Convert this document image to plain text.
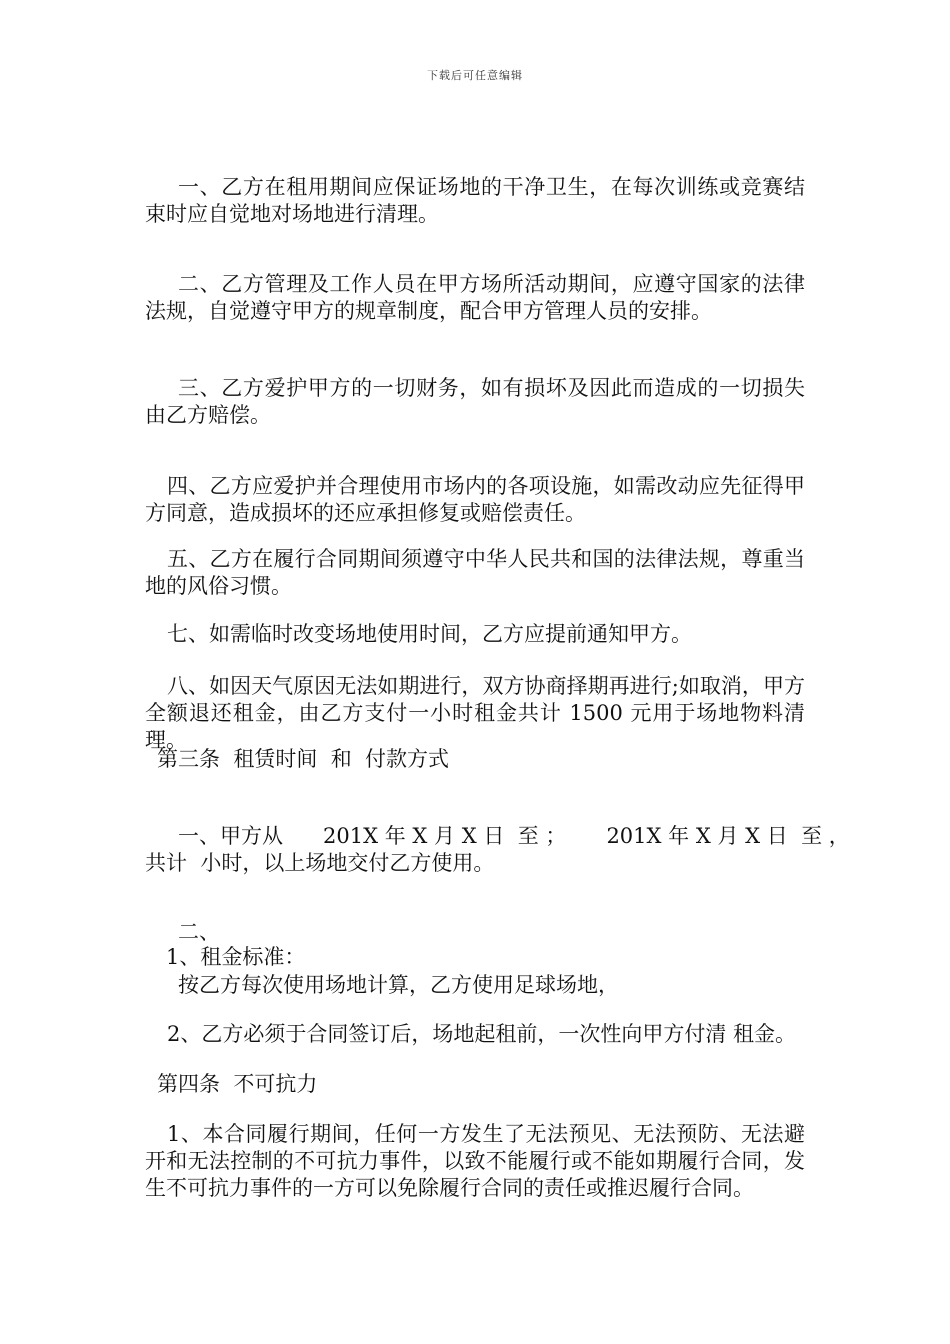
下载后可任意编辑

一、乙方在租用期间应保证场地的干净卫生，在每次训练或竞赛结束时应自觉地对场地进行清理。

二、乙方管理及工作人员在甲方场所活动期间，应遵守国家的法律法规，自觉遵守甲方的规章制度，配合甲方管理人员的安排。

三、乙方爱护甲方的一切财务，如有损坏及因此而造成的一切损失由乙方赔偿。

四、乙方应爱护并合理使用市场内的各项设施，如需改动应先征得甲方同意，造成损坏的还应承担修复或赔偿责任。

五、乙方在履行合同期间须遵守中华人民共和国的法律法规，尊重当地的风俗习惯。

七、如需临时改变场地使用时间，乙方应提前通知甲方。

八、如因天气原因无法如期进行，双方协商择期再进行;如取消，甲方全额退还租金，由乙方支付一小时租金共计 1500 元用于场地物料清理。

第三条  租赁时间  和  付款方式
一、甲方从      201X 年 X 月 X 日  至 ；      201X 年 X 月 X 日  至 ，
共计  小时，以上场地交付乙方使用。
二、
1、租金标准：
按乙方每次使用场地计算，乙方使用足球场地，

2、乙方必须于合同签订后，场地起租前，一次性向甲方付清 租金。

第四条  不可抗力

1、本合同履行期间，任何一方发生了无法预见、无法预防、无法避开和无法控制的不可抗力事件，以致不能履行或不能如期履行合同，发生不可抗力事件的一方可以免除履行合同的责任或推迟履行合同。
